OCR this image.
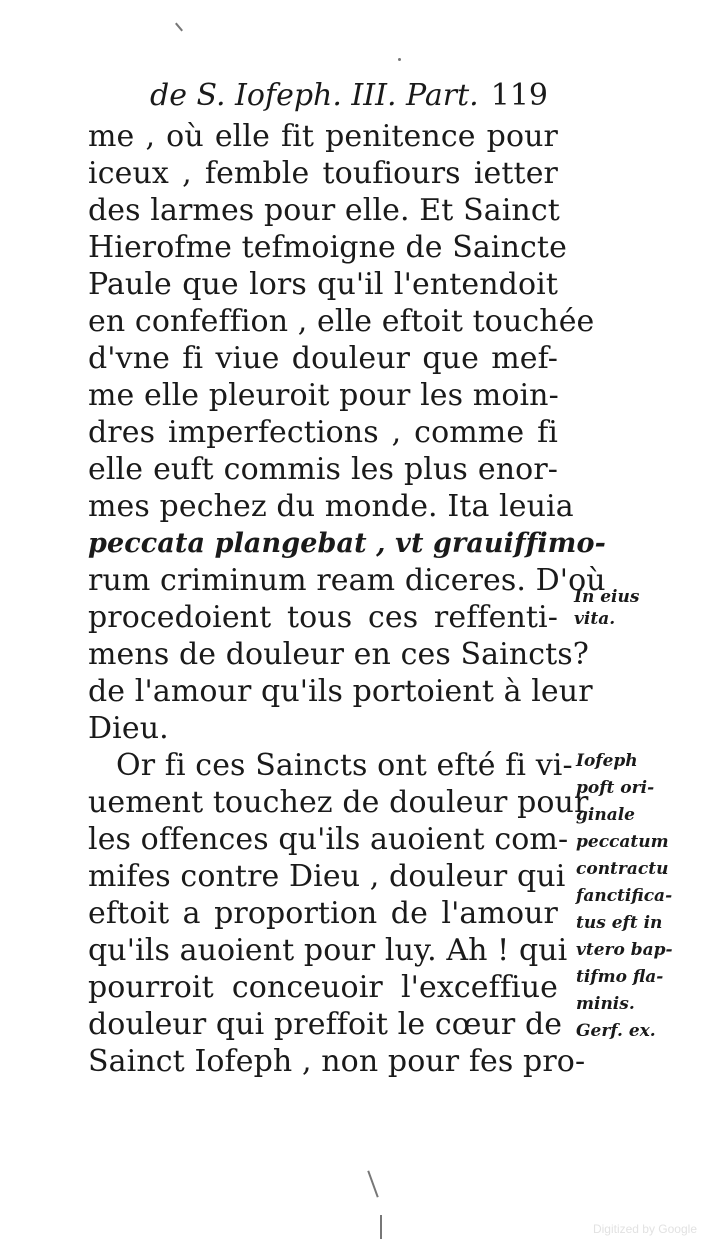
de S. Iofeph. III. Part. 119
me , où elle fit penitence pour
iceux , femble toufiours ietter
des larmes pour elle. Et Sainct
Hierofme tefmoigne de Saincte
Paule que lors qu'il l'entendoit
en confeffion , elle eftoit touchée
d'vne fi viue douleur que mef-
me elle pleuroit pour les moin-
dres imperfections , comme fi
elle euft commis les plus enor-
mes pechez du monde. Ita leuia
peccata plangebat , vt grauiffimo-
rum criminum ream diceres. D'où
procedoient tous ces reffenti-
mens de douleur en ces Saincts?
de l'amour qu'ils portoient à leur
Dieu.
Or fi ces Saincts ont efté fi vi-
uement touchez de douleur pour
les offences qu'ils auoient com-
mifes contre Dieu , douleur qui
eftoit a proportion de l'amour
qu'ils auoient pour luy. Ah ! qui
pourroit conceuoir l'exceffiue
douleur qui preffoit le cœur de
Sainct Iofeph , non pour fes pro-
In eius
vita.
Iofeph
poft ori-
ginale
peccatum
contractu
fanctifica-
tus eft in
vtero bap-
tifmo fla-
minis.
Gerf. ex.
Digitized by Google
